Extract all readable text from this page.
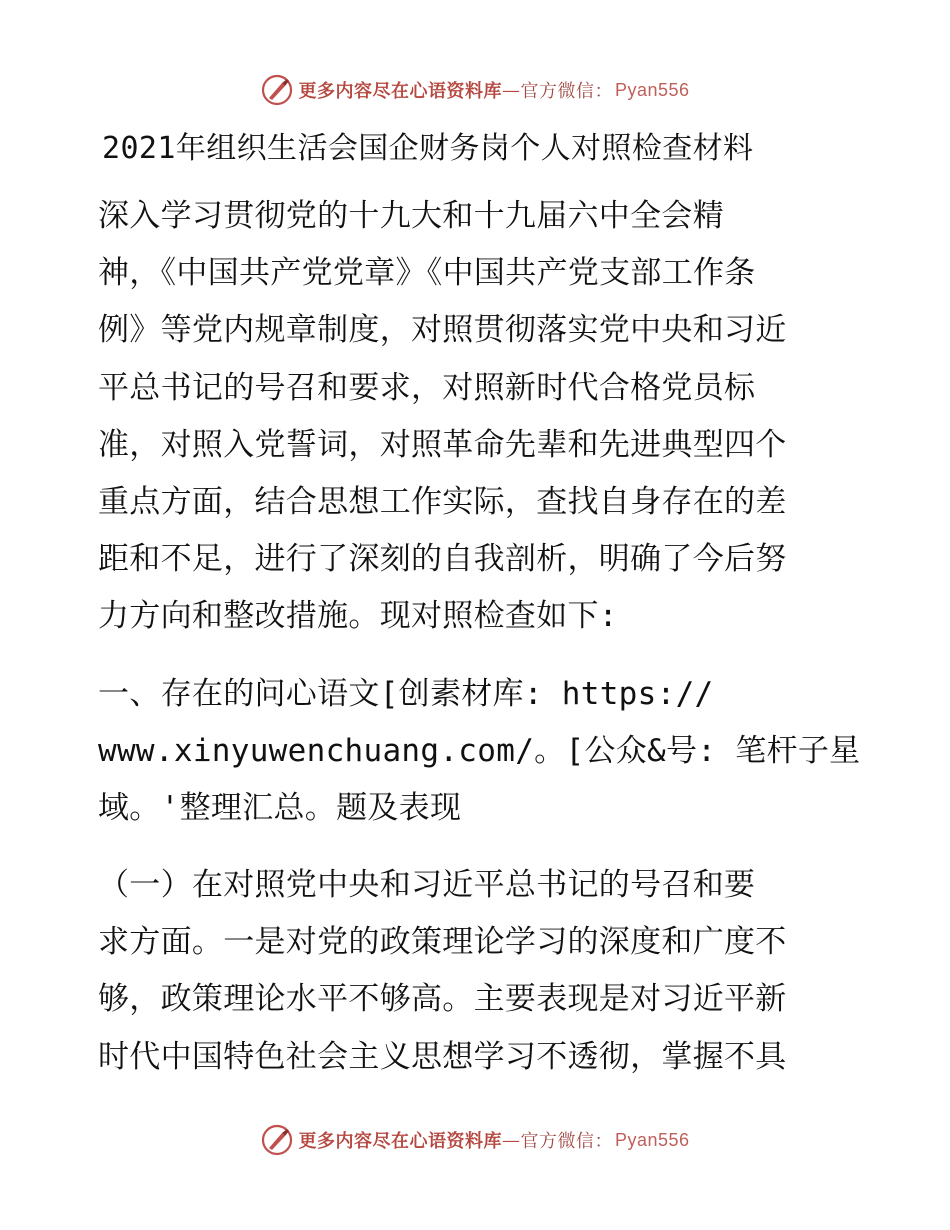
更多内容尽在心语资料库 — 官方微信： Pyan556
2021年组织生活会国企财务岗个人对照检查材料
深入学习贯彻党的十九大和十九届六中全会精
神，《中国共产党党章》《中国共产党支部工作条
例》等党内规章制度，对照贯彻落实党中央和习近
平总书记的号召和要求，对照新时代合格党员标
准，对照入党誓词，对照革命先辈和先进典型四个
重点方面，结合思想工作实际，查找自身存在的差
距和不足，进行了深刻的自我剖析，明确了今后努
力方向和整改措施。现对照检查如下:
一、存在的问心语文[创素材库: https://
www.xinyuwenchuang.com/。[公众&号: 笔杆子星
域。'整理汇总。题及表现
（一）在对照党中央和习近平总书记的号召和要
求方面。一是对党的政策理论学习的深度和广度不
够，政策理论水平不够高。主要表现是对习近平新
时代中国特色社会主义思想学习不透彻，掌握不具
更多内容尽在心语资料库 — 官方微信： Pyan556
